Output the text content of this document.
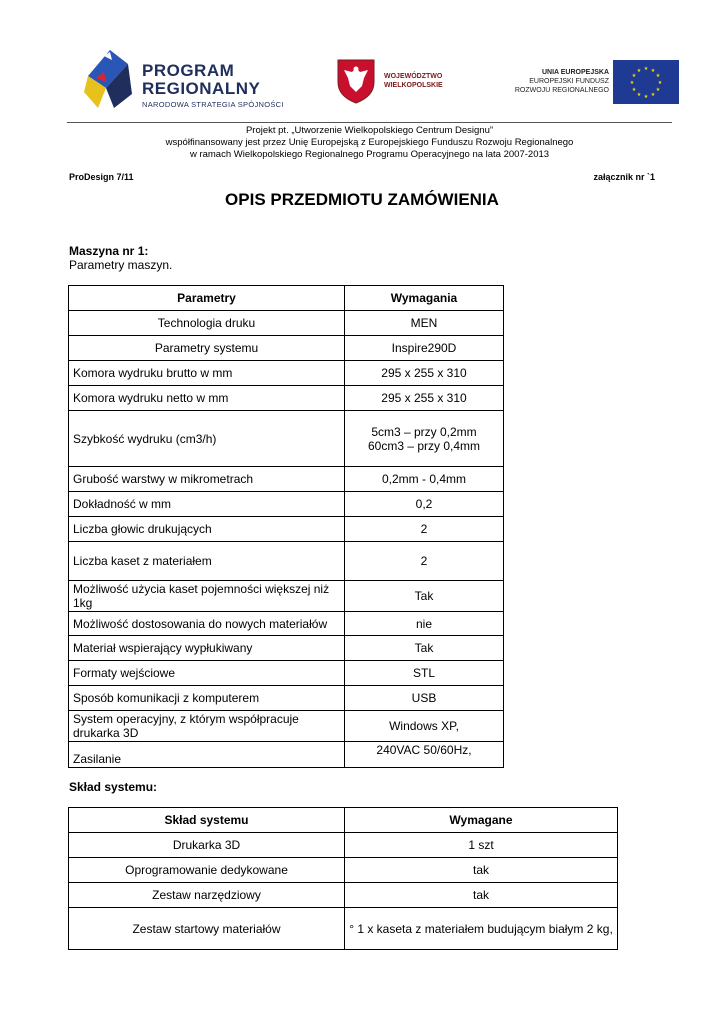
PROGRAM
REGIONALNY
NARODOWA STRATEGIA SPÓJNOŚCI
WOJEWÓDZTWO
WIELKOPOLSKIE
UNIA EUROPEJSKA
EUROPEJSKI FUNDUSZ
ROZWOJU REGIONALNEGO
★ ★
★
★
★
★
★
★
★
★
★
★
Projekt pt. „Utworzenie Wielkopolskiego Centrum Designu”
współfinansowany jest przez Unię Europejską z Europejskiego Funduszu Rozwoju Regionalnego
w ramach Wielkopolskiego Regionalnego Programu Operacyjnego na lata 2007-2013
ProDesign 7/11	załącznik nr `1
OPIS PRZEDMIOTU ZAMÓWIENIA
Maszyna nr 1:
Parametry maszyn.
Parametry	Wymagania
Technologia druku	MEN
Parametry systemu	Inspire290D
Komora wydruku brutto w mm	295 x 255 x 310
Komora wydruku netto w mm	295 x 255 x 310
Szybkość wydruku (cm3/h)	5cm3 – przy 0,2mm
60cm3 – przy 0,4mm

Grubość warstwy w mikrometrach	0,2mm - 0,4mm
Dokładność w mm	0,2
Liczba głowic drukujących	2
Liczba kaset z materiałem	2
Możliwość użycia kaset pojemności większej niż 1kg	Tak
Możliwość dostosowania do nowych materiałów	nie
Materiał wspierający wypłukiwany	Tak
Formaty wejściowe	STL
Sposób komunikacji z komputerem	USB
System operacyjny, z którym współpracuje drukarka 3D	Windows XP,
Zasilanie	240VAC 50/60Hz,
Skład systemu:
Skład systemu	Wymagane
Drukarka 3D	1 szt
Oprogramowanie dedykowane	tak
Zestaw narzędziowy	tak
Zestaw startowy materiałów	° 1 x kaseta z materiałem budującym białym 2 kg,
